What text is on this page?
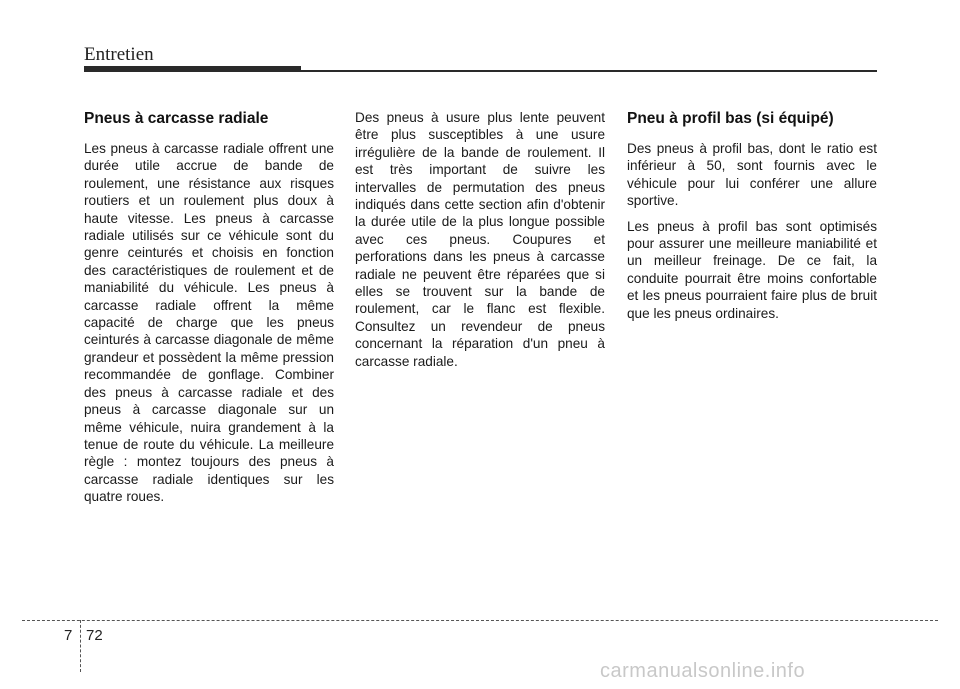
Entretien
Pneus à carcasse radiale

Les pneus à carcasse radiale offrent une durée utile accrue de bande de roulement, une résistance aux risques routiers et un roulement plus doux à haute vitesse. Les pneus à carcasse radiale utilisés sur ce véhicule sont du genre ceinturés et choisis en fonction des caractéristiques de roulement et de maniabilité du véhicule. Les pneus à carcasse radiale offrent la même capacité de charge que les pneus ceinturés à carcasse diagonale de même grandeur et possèdent la même pression recommandée de gonflage. Combiner des pneus à carcasse radiale et des pneus à carcasse diagonale sur un même véhicule, nuira grandement à la tenue de route du véhicule. La meilleure règle : montez toujours des pneus à carcasse radiale identiques sur les quatre roues.

Des pneus à usure plus lente peuvent être plus susceptibles à une usure irrégulière de la bande de roulement. Il est très important de suivre les intervalles de permutation des pneus indiqués dans cette section afin d'obtenir la durée utile de la plus longue possible avec ces pneus. Coupures et perforations dans les pneus à carcasse radiale ne peuvent être réparées que si elles se trouvent sur la bande de roulement, car le flanc est flexible. Consultez un revendeur de pneus concernant la réparation d'un pneu à carcasse radiale.

Pneu à profil bas (si équipé)

Des pneus à profil bas, dont le ratio est inférieur à 50, sont fournis avec le véhicule pour lui conférer une allure sportive.

Les pneus à profil bas sont optimisés pour assurer une meilleure maniabilité et un meilleur freinage. De ce fait, la conduite pourrait être moins confortable et les pneus pourraient faire plus de bruit que les pneus ordinaires.

7 72
carmanualsonline.info
